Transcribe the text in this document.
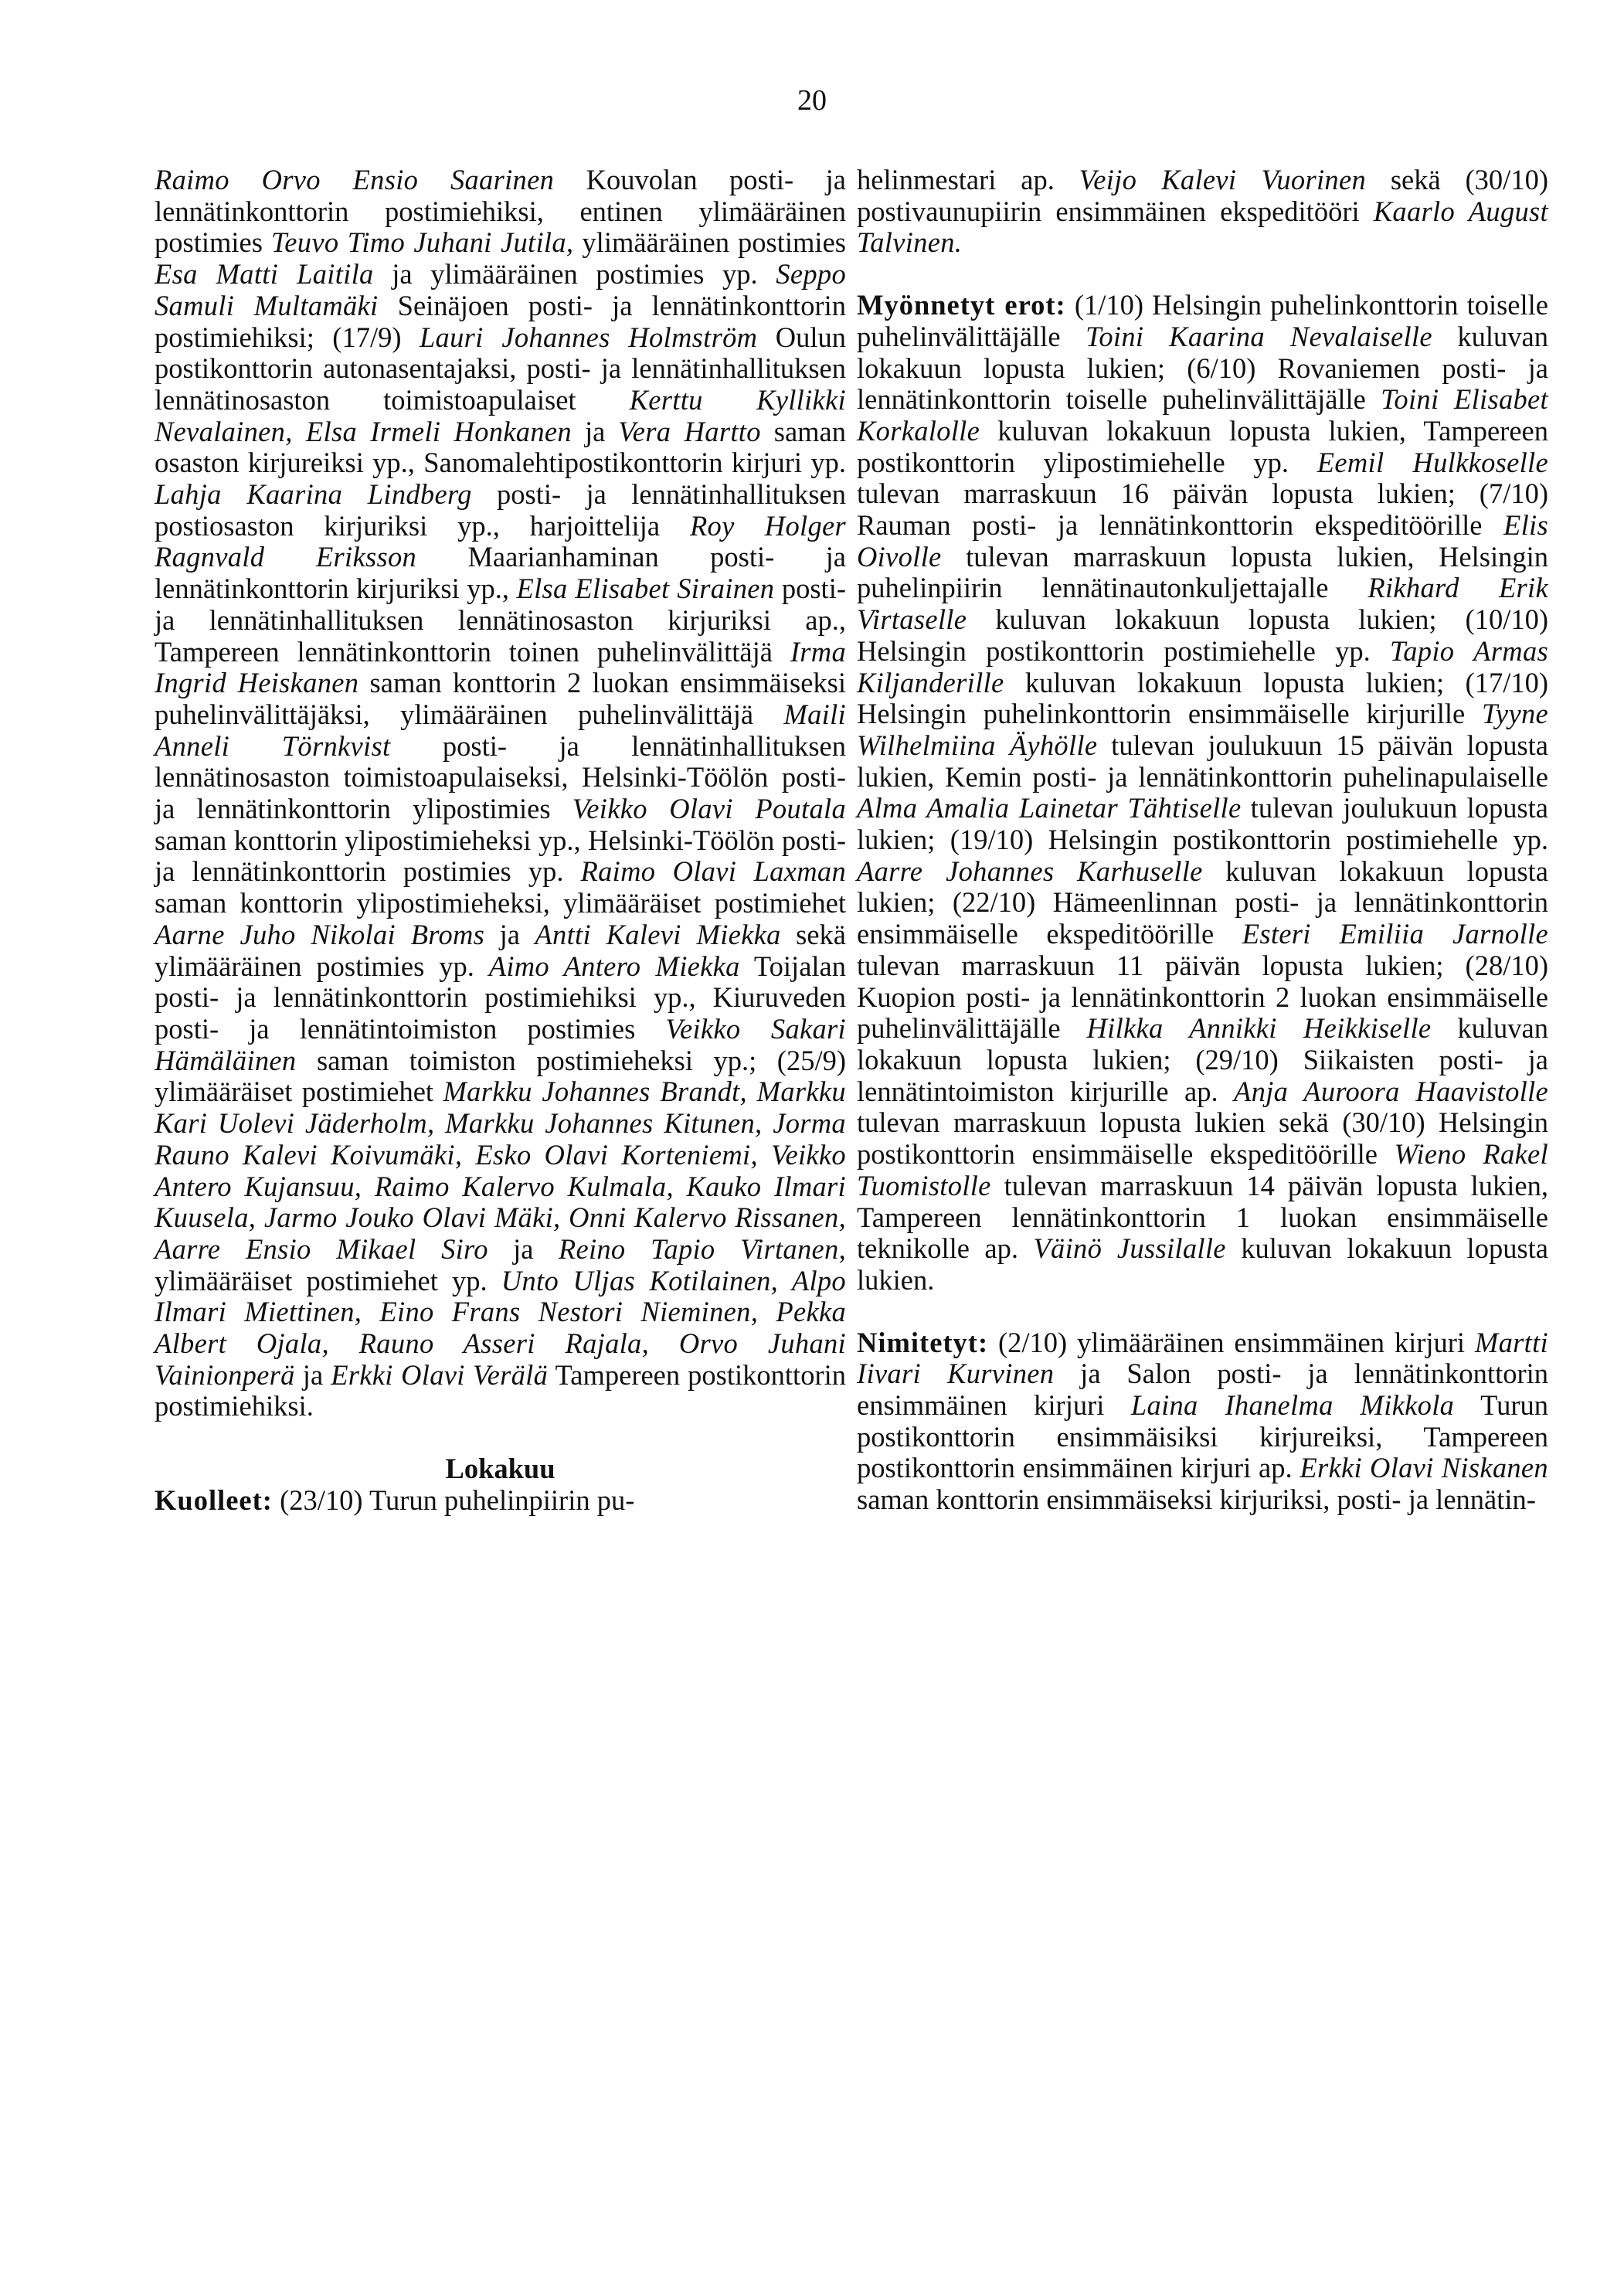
20

Raimo Orvo Ensio Saarinen Kouvolan posti- ja lennätinkonttorin postimiehiksi, entinen ylimääräinen postimies Teuvo Timo Juhani Jutila, ylimääräinen postimies Esa Matti Laitila ja ylimääräinen postimies yp. Seppo Samuli Multamäki Seinäjoen posti- ja lennätinkonttorin postimiehiksi; (17/9) Lauri Johannes Holmström Oulun postikonttorin autonasentajaksi, posti- ja lennätinhallituksen lennätinosaston toimistoapulaiset Kerttu Kyllikki Nevalainen, Elsa Irmeli Honkanen ja Vera Hartto saman osaston kirjureiksi yp., Sanomalehtipostikonttorin kirjuri yp. Lahja Kaarina Lindberg posti- ja lennätinhallituksen postiosaston kirjuriksi yp., harjoittelija Roy Holger Ragnvald Eriksson Maarianhaminan posti- ja lennätinkonttorin kirjuriksi yp., Elsa Elisabet Sirainen posti- ja lennätinhallituksen lennätinosaston kirjuriksi ap., Tampereen lennätinkonttorin toinen puhelinvälittäjä Irma Ingrid Heiskanen saman konttorin 2 luokan ensimmäiseksi puhelinvälittäjäksi, ylimääräinen puhelinvälittäjä Maili Anneli Törnkvist posti- ja lennätinhallituksen lennätinosaston toimistoapulaiseksi, Helsinki-Töölön posti- ja lennätinkonttorin ylipostimies Veikko Olavi Poutala saman konttorin ylipostimieheksi yp., Helsinki-Töölön posti- ja lennätinkonttorin postimies yp. Raimo Olavi Laxman saman konttorin ylipostimieheksi, ylimääräiset postimiehet Aarne Juho Nikolai Broms ja Antti Kalevi Miekka sekä ylimääräinen postimies yp. Aimo Antero Miekka Toijalan posti- ja lennätinkonttorin postimiehiksi yp., Kiuruveden posti- ja lennätintoimiston postimies Veikko Sakari Hämäläinen saman toimiston postimieheksi yp.; (25/9) ylimääräiset postimiehet Markku Johannes Brandt, Markku Kari Uolevi Jäderholm, Markku Johannes Kitunen, Jorma Rauno Kalevi Koivumäki, Esko Olavi Korteniemi, Veikko Antero Kujansuu, Raimo Kalervo Kulmala, Kauko Ilmari Kuusela, Jarmo Jouko Olavi Mäki, Onni Kalervo Rissanen, Aarre Ensio Mikael Siro ja Reino Tapio Virtanen, ylimääräiset postimiehet yp. Unto Uljas Kotilainen, Alpo Ilmari Miettinen, Eino Frans Nestori Nieminen, Pekka Albert Ojala, Rauno Asseri Rajala, Orvo Juhani Vainionperä ja Erkki Olavi Verälä Tampereen postikonttorin postimiehiksi.

Lokakuu

Kuolleet: (23/10) Turun puhelinpiirin pu-

helinmestari ap. Veijo Kalevi Vuorinen sekä (30/10) postivaunupiirin ensimmäinen ekspeditööri Kaarlo August Talvinen.

Myönnetyt erot: (1/10) Helsingin puhelinkonttorin toiselle puhelinvälittäjälle Toini Kaarina Nevalaiselle kuluvan lokakuun lopusta lukien; (6/10) Rovaniemen posti- ja lennätinkonttorin toiselle puhelinvälittäjälle Toini Elisabet Korkalolle kuluvan lokakuun lopusta lukien, Tampereen postikonttorin ylipostimiehelle yp. Eemil Hulkkoselle tulevan marraskuun 16 päivän lopusta lukien; (7/10) Rauman posti- ja lennätinkonttorin ekspeditöörille Elis Oivolle tulevan marraskuun lopusta lukien, Helsingin puhelinpiirin lennätinautonkuljettajalle Rikhard Erik Virtaselle kuluvan lokakuun lopusta lukien; (10/10) Helsingin postikonttorin postimiehelle yp. Tapio Armas Kiljanderille kuluvan lokakuun lopusta lukien; (17/10) Helsingin puhelinkonttorin ensimmäiselle kirjurille Tyyne Wilhelmiina Äyhölle tulevan joulukuun 15 päivän lopusta lukien, Kemin posti- ja lennätinkonttorin puhelinapulaiselle Alma Amalia Lainetar Tähtiselle tulevan joulukuun lopusta lukien; (19/10) Helsingin postikonttorin postimiehelle yp. Aarre Johannes Karhuselle kuluvan lokakuun lopusta lukien; (22/10) Hämeenlinnan posti- ja lennätinkonttorin ensimmäiselle ekspeditöörille Esteri Emiliia Jarnolle tulevan marraskuun 11 päivän lopusta lukien; (28/10) Kuopion posti- ja lennätinkonttorin 2 luokan ensimmäiselle puhelinvälittäjälle Hilkka Annikki Heikkiselle kuluvan lokakuun lopusta lukien; (29/10) Siikaisten posti- ja lennätintoimiston kirjurille ap. Anja Auroora Haavistolle tulevan marraskuun lopusta lukien sekä (30/10) Helsingin postikonttorin ensimmäiselle ekspeditöörille Wieno Rakel Tuomistolle tulevan marraskuun 14 päivän lopusta lukien, Tampereen lennätinkonttorin 1 luokan ensimmäiselle teknikolle ap. Väinö Jussilalle kuluvan lokakuun lopusta lukien.

Nimitetyt: (2/10) ylimääräinen ensimmäinen kirjuri Martti Iivari Kurvinen ja Salon posti- ja lennätinkonttorin ensimmäinen kirjuri Laina Ihanelma Mikkola Turun postikonttorin ensimmäisiksi kirjureiksi, Tampereen postikonttorin ensimmäinen kirjuri ap. Erkki Olavi Niskanen saman konttorin ensimmäiseksi kirjuriksi, posti- ja lennätin-
